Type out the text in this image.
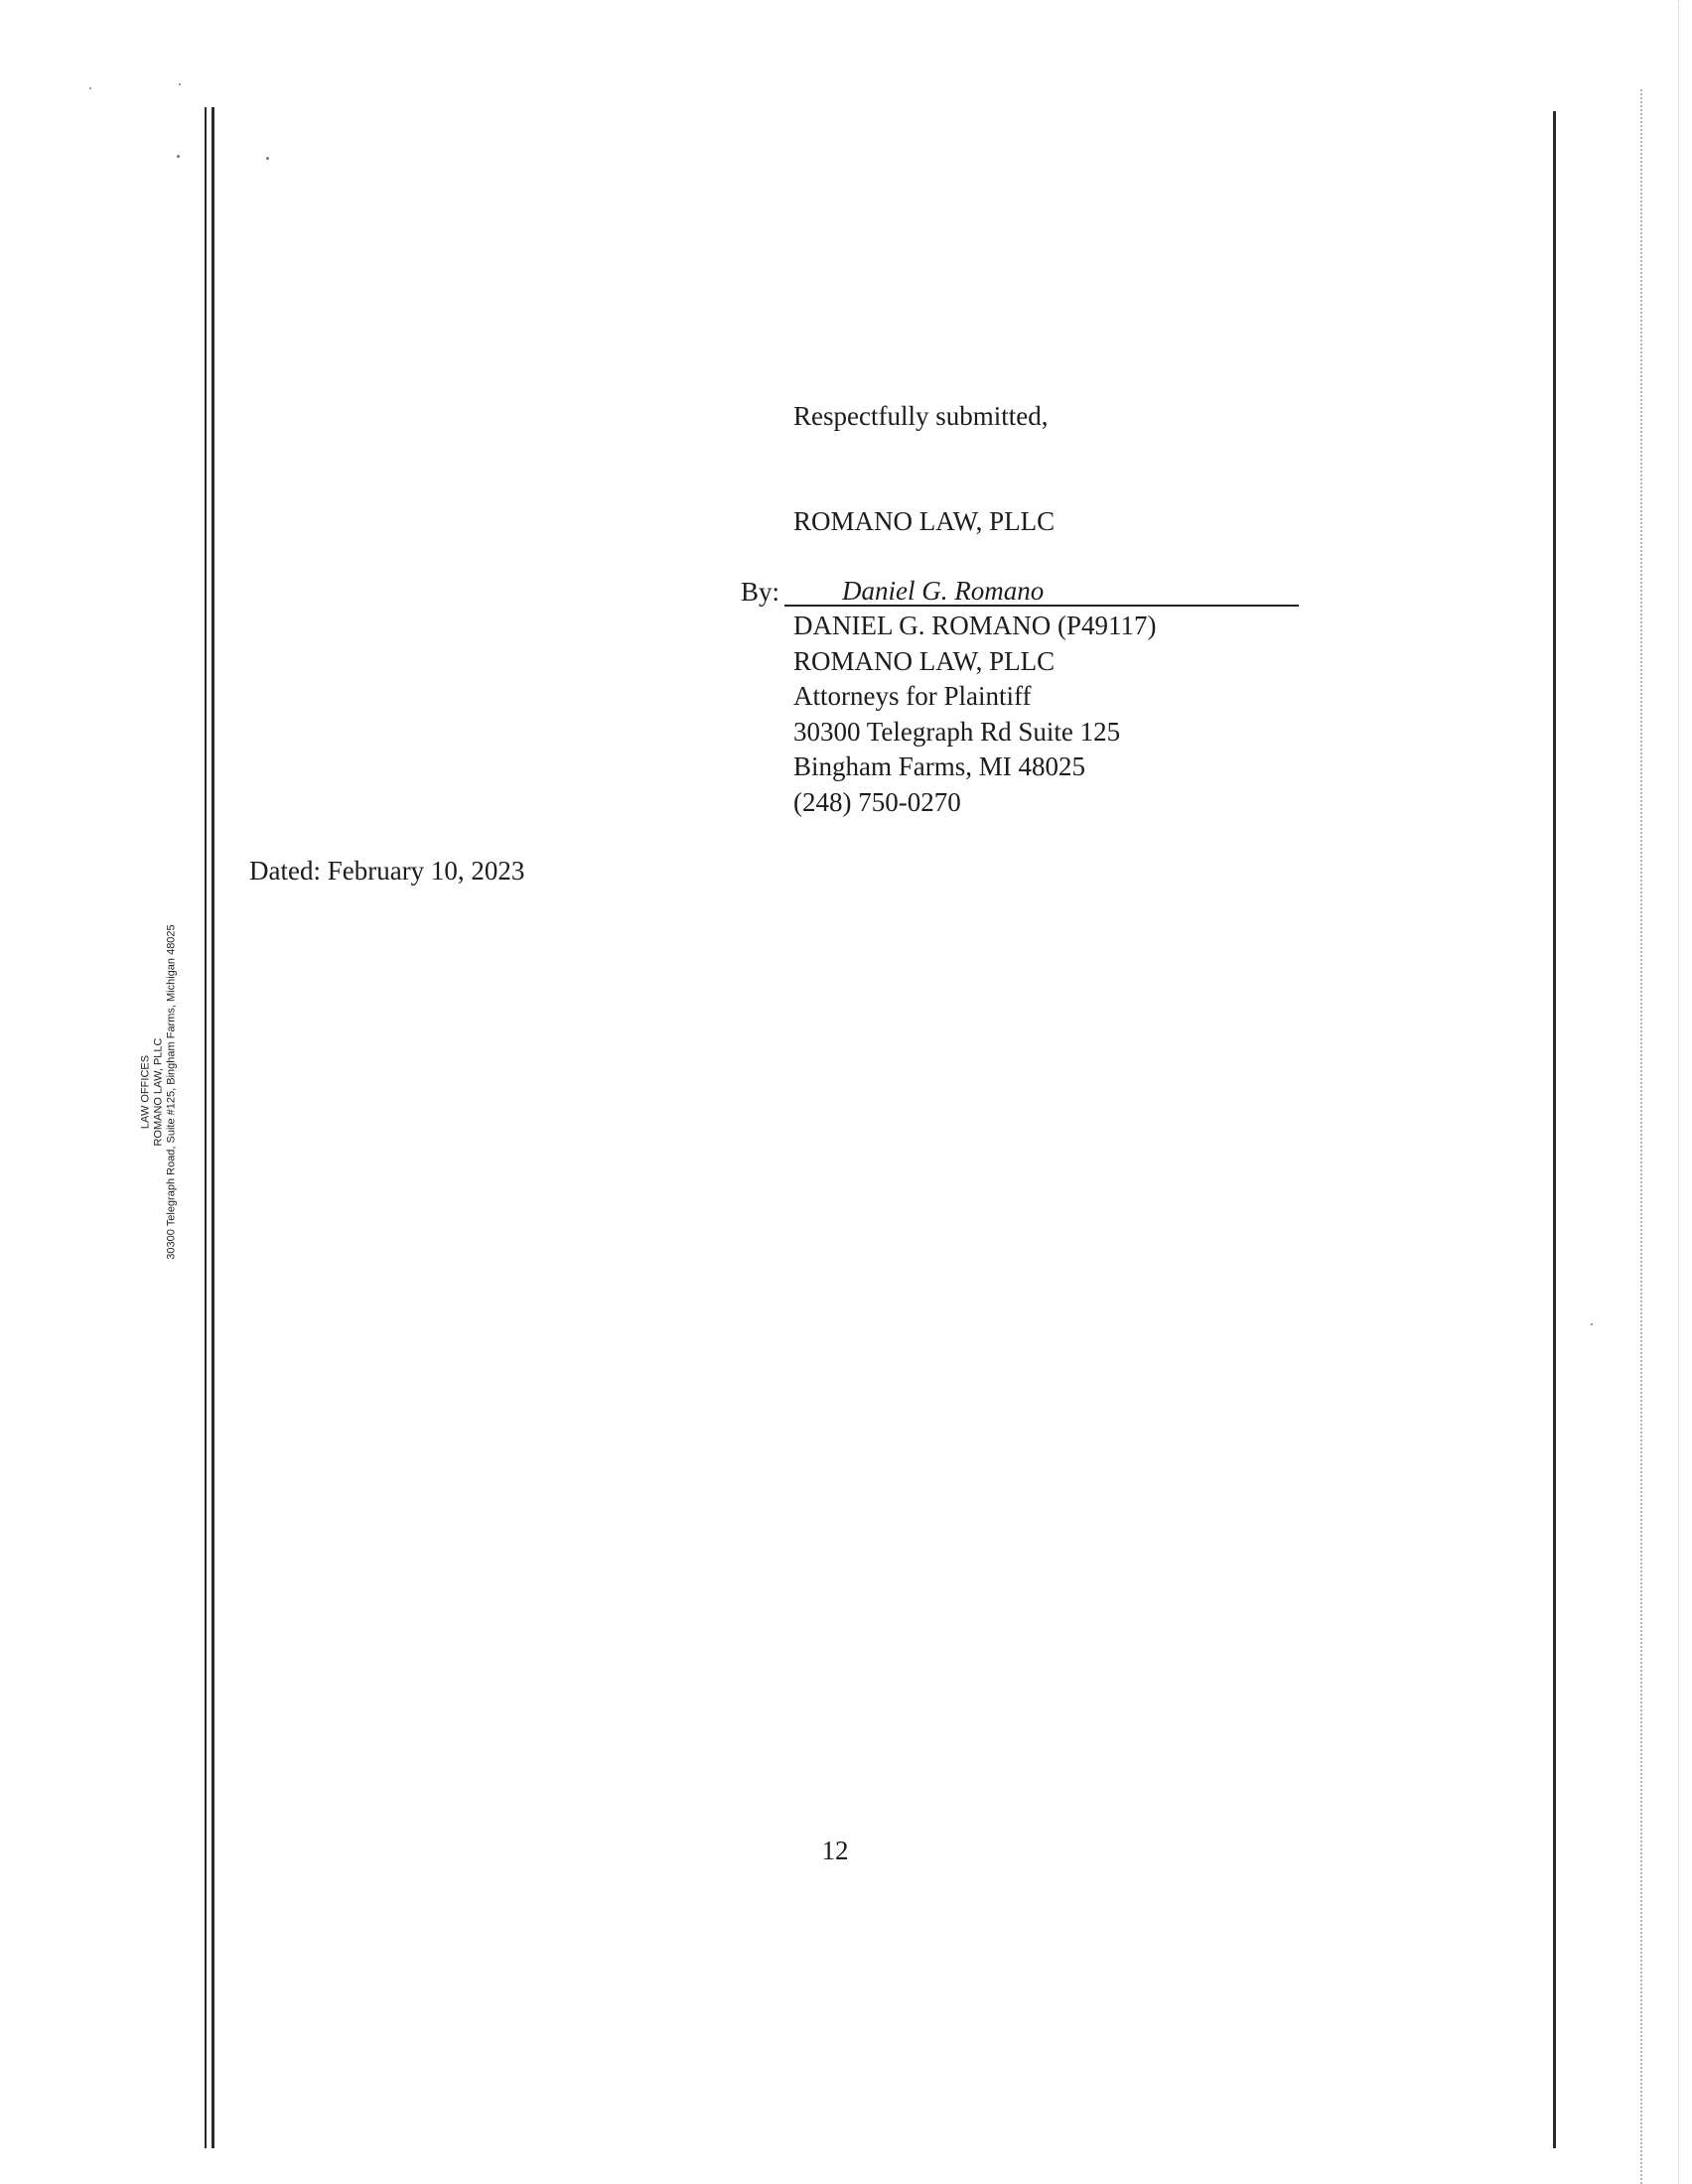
LAW OFFICES ROMANO LAW, PLLC 30300 Telegraph Road, Suite #125, Bingham Farms, Michigan 48025
Respectfully submitted,
ROMANO LAW, PLLC
By: Daniel G. Romano
DANIEL G. ROMANO (P49117)
ROMANO LAW, PLLC
Attorneys for Plaintiff
30300 Telegraph Rd Suite 125
Bingham Farms, MI 48025
(248) 750-0270
Dated: February 10, 2023
12
